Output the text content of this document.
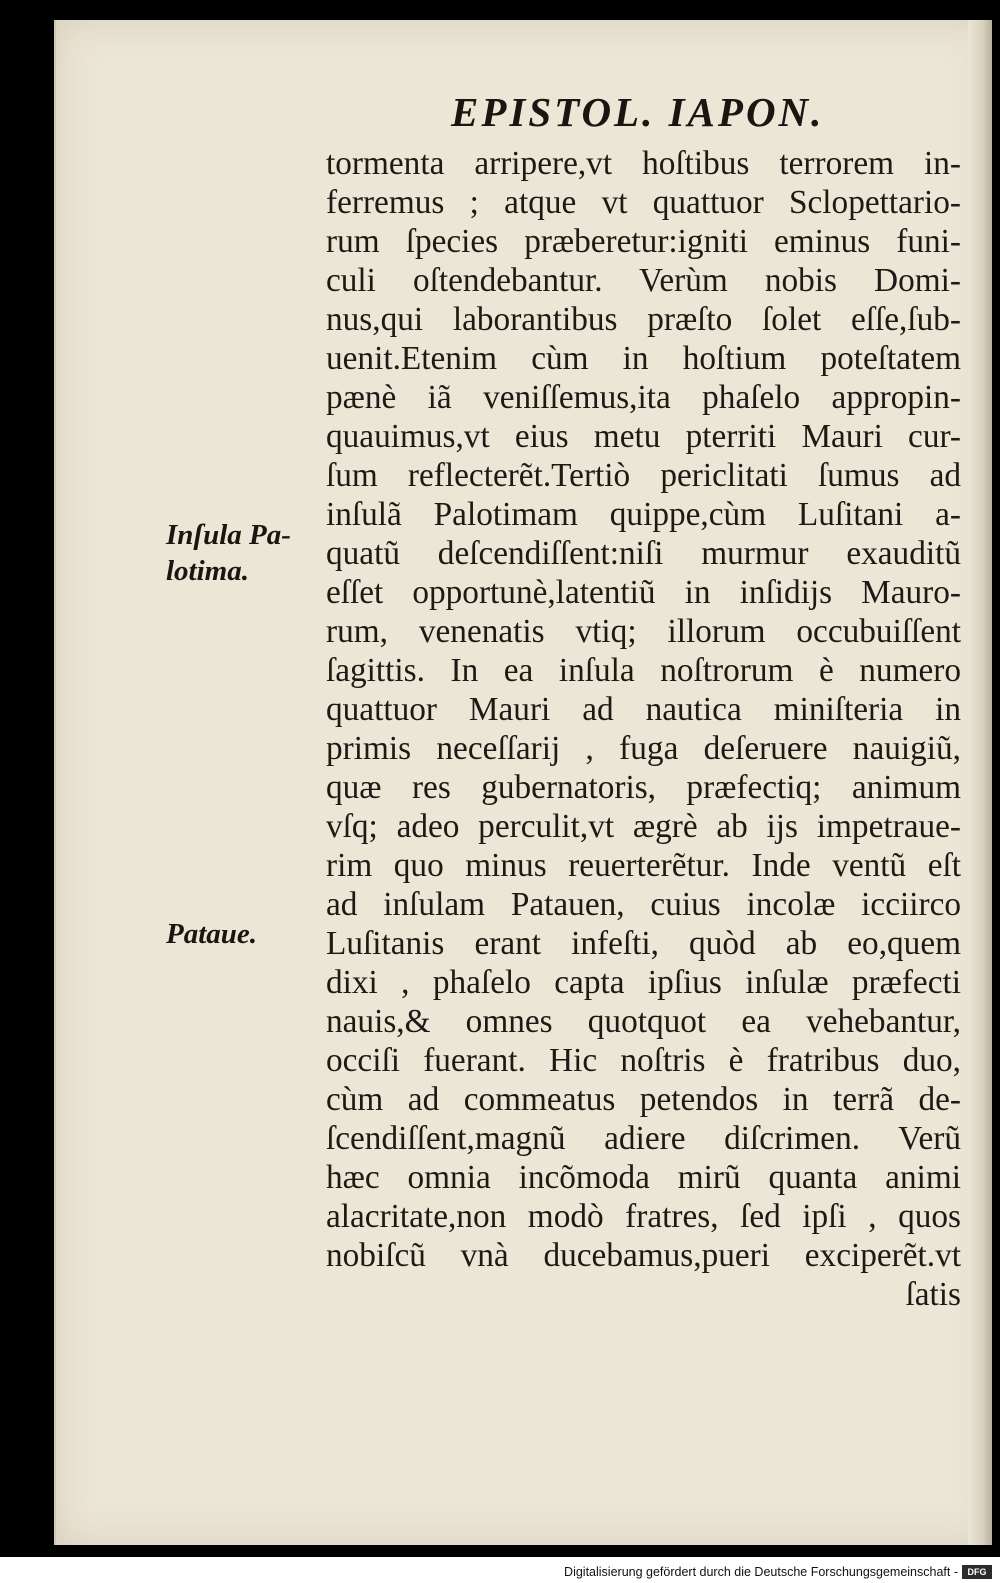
EPISTOL. IAPON.
tormenta arripere,vt hoſtibus terrorem in-
ferremus ; atque vt quattuor Sclopettario-
rum ſpecies præberetur:igniti eminus funi-
culi oſtendebantur. Verùm nobis Domi-
nus,qui laborantibus præſto ſolet eſſe,ſub-
uenit.Etenim cùm in hoſtium poteſtatem
pænè iã veniſſemus,ita phaſelo appropin-
quauimus,vt eius metu pterriti Mauri cur-
ſum reflecterẽt.Tertiò periclitati ſumus ad
inſulã Palotimam quippe,cùm Luſitani a-
quatũ deſcendiſſent:niſi murmur exauditũ
eſſet opportunè,latentiũ in inſidijs Mauro-
rum, venenatis vtiq; illorum occubuiſſent
ſagittis. In ea inſula noſtrorum è numero
quattuor Mauri ad nautica miniſteria in
primis neceſſarij , fuga deſeruere nauigiũ,
quæ res gubernatoris, præfectiq; animum
vſq; adeo perculit,vt ægrè ab ijs impetraue-
rim quo minus reuerterẽtur. Inde ventũ eſt
ad inſulam Patauen, cuius incolæ icciirco
Luſitanis erant infeſti, quòd ab eo,quem
dixi , phaſelo capta ipſius inſulæ præfecti
nauis,& omnes quotquot ea vehebantur,
occiſi fuerant. Hic noſtris è fratribus duo,
cùm ad commeatus petendos in terrã de-
ſcendiſſent,magnũ adiere diſcrimen. Verũ
hæc omnia incõmoda mirũ quanta animi
alacritate,non modò fratres, ſed ipſi , quos
nobiſcũ vnà ducebamus,pueri exciperẽt.vt
ſatis
Inſula Pa-
lotima.
Pataue.
Digitalisierung gefördert durch die Deutsche Forschungsgemeinschaft -	DFG
